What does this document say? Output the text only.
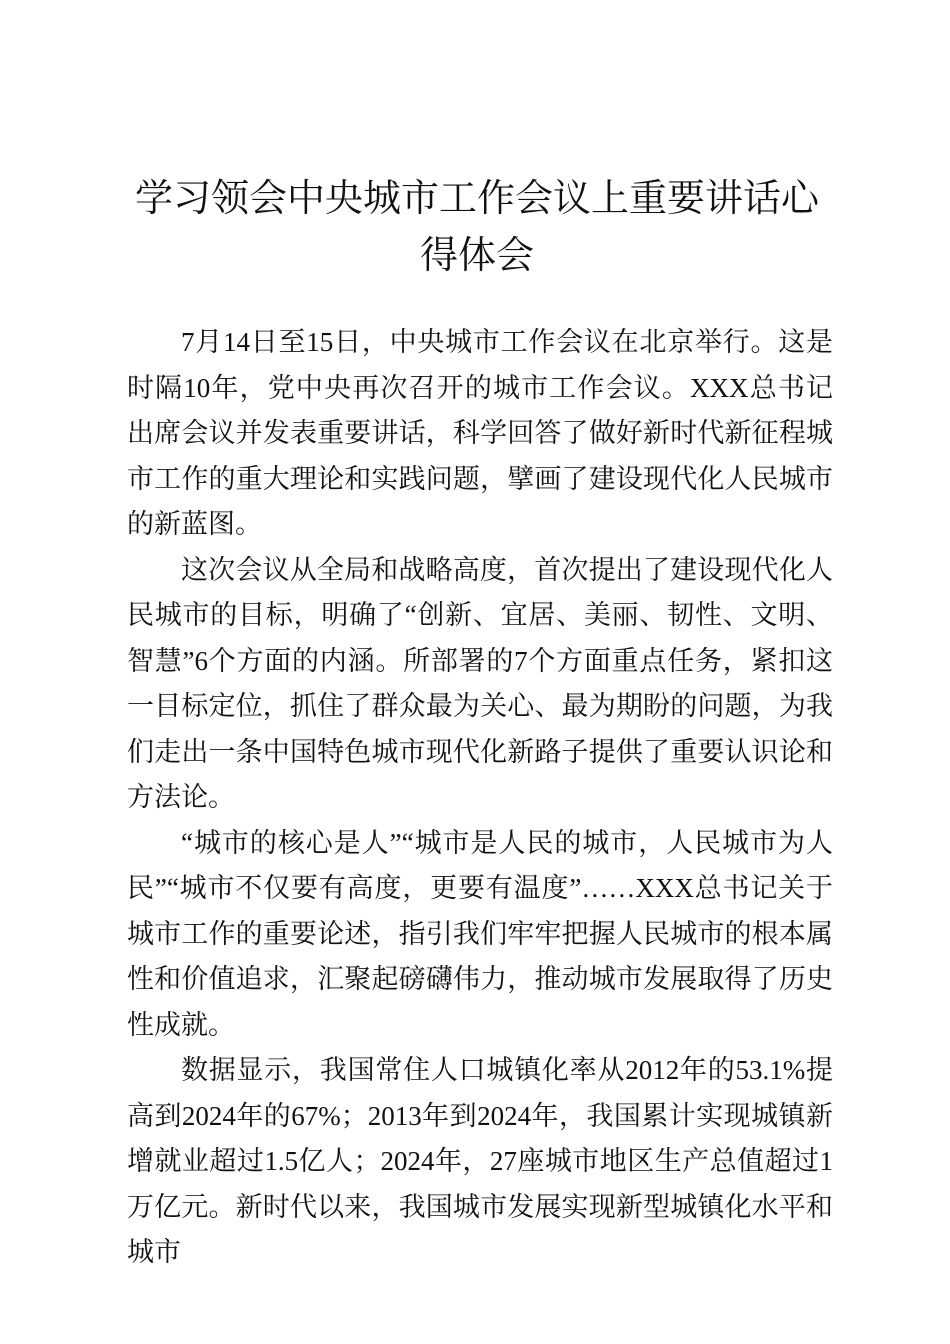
学习领会中央城市工作会议上重要讲话心得体会

7月14日至15日，中央城市工作会议在北京举行。这是时隔10年，党中央再次召开的城市工作会议。XXX总书记出席会议并发表重要讲话，科学回答了做好新时代新征程城市工作的重大理论和实践问题，擘画了建设现代化人民城市的新蓝图。

这次会议从全局和战略高度，首次提出了建设现代化人民城市的目标，明确了“创新、宜居、美丽、韧性、文明、智慧”6个方面的内涵。所部署的7个方面重点任务，紧扣这一目标定位，抓住了群众最为关心、最为期盼的问题，为我们走出一条中国特色城市现代化新路子提供了重要认识论和方法论。

“城市的核心是人”“城市是人民的城市，人民城市为人民”“城市不仅要有高度，更要有温度”……XXX总书记关于城市工作的重要论述，指引我们牢牢把握人民城市的根本属性和价值追求，汇聚起磅礴伟力，推动城市发展取得了历史性成就。

数据显示，我国常住人口城镇化率从2012年的53.1%提高到2024年的67%；2013年到2024年，我国累计实现城镇新增就业超过1.5亿人；2024年，27座城市地区生产总值超过1万亿元。新时代以来，我国城市发展实现新型城镇化水平和城市
